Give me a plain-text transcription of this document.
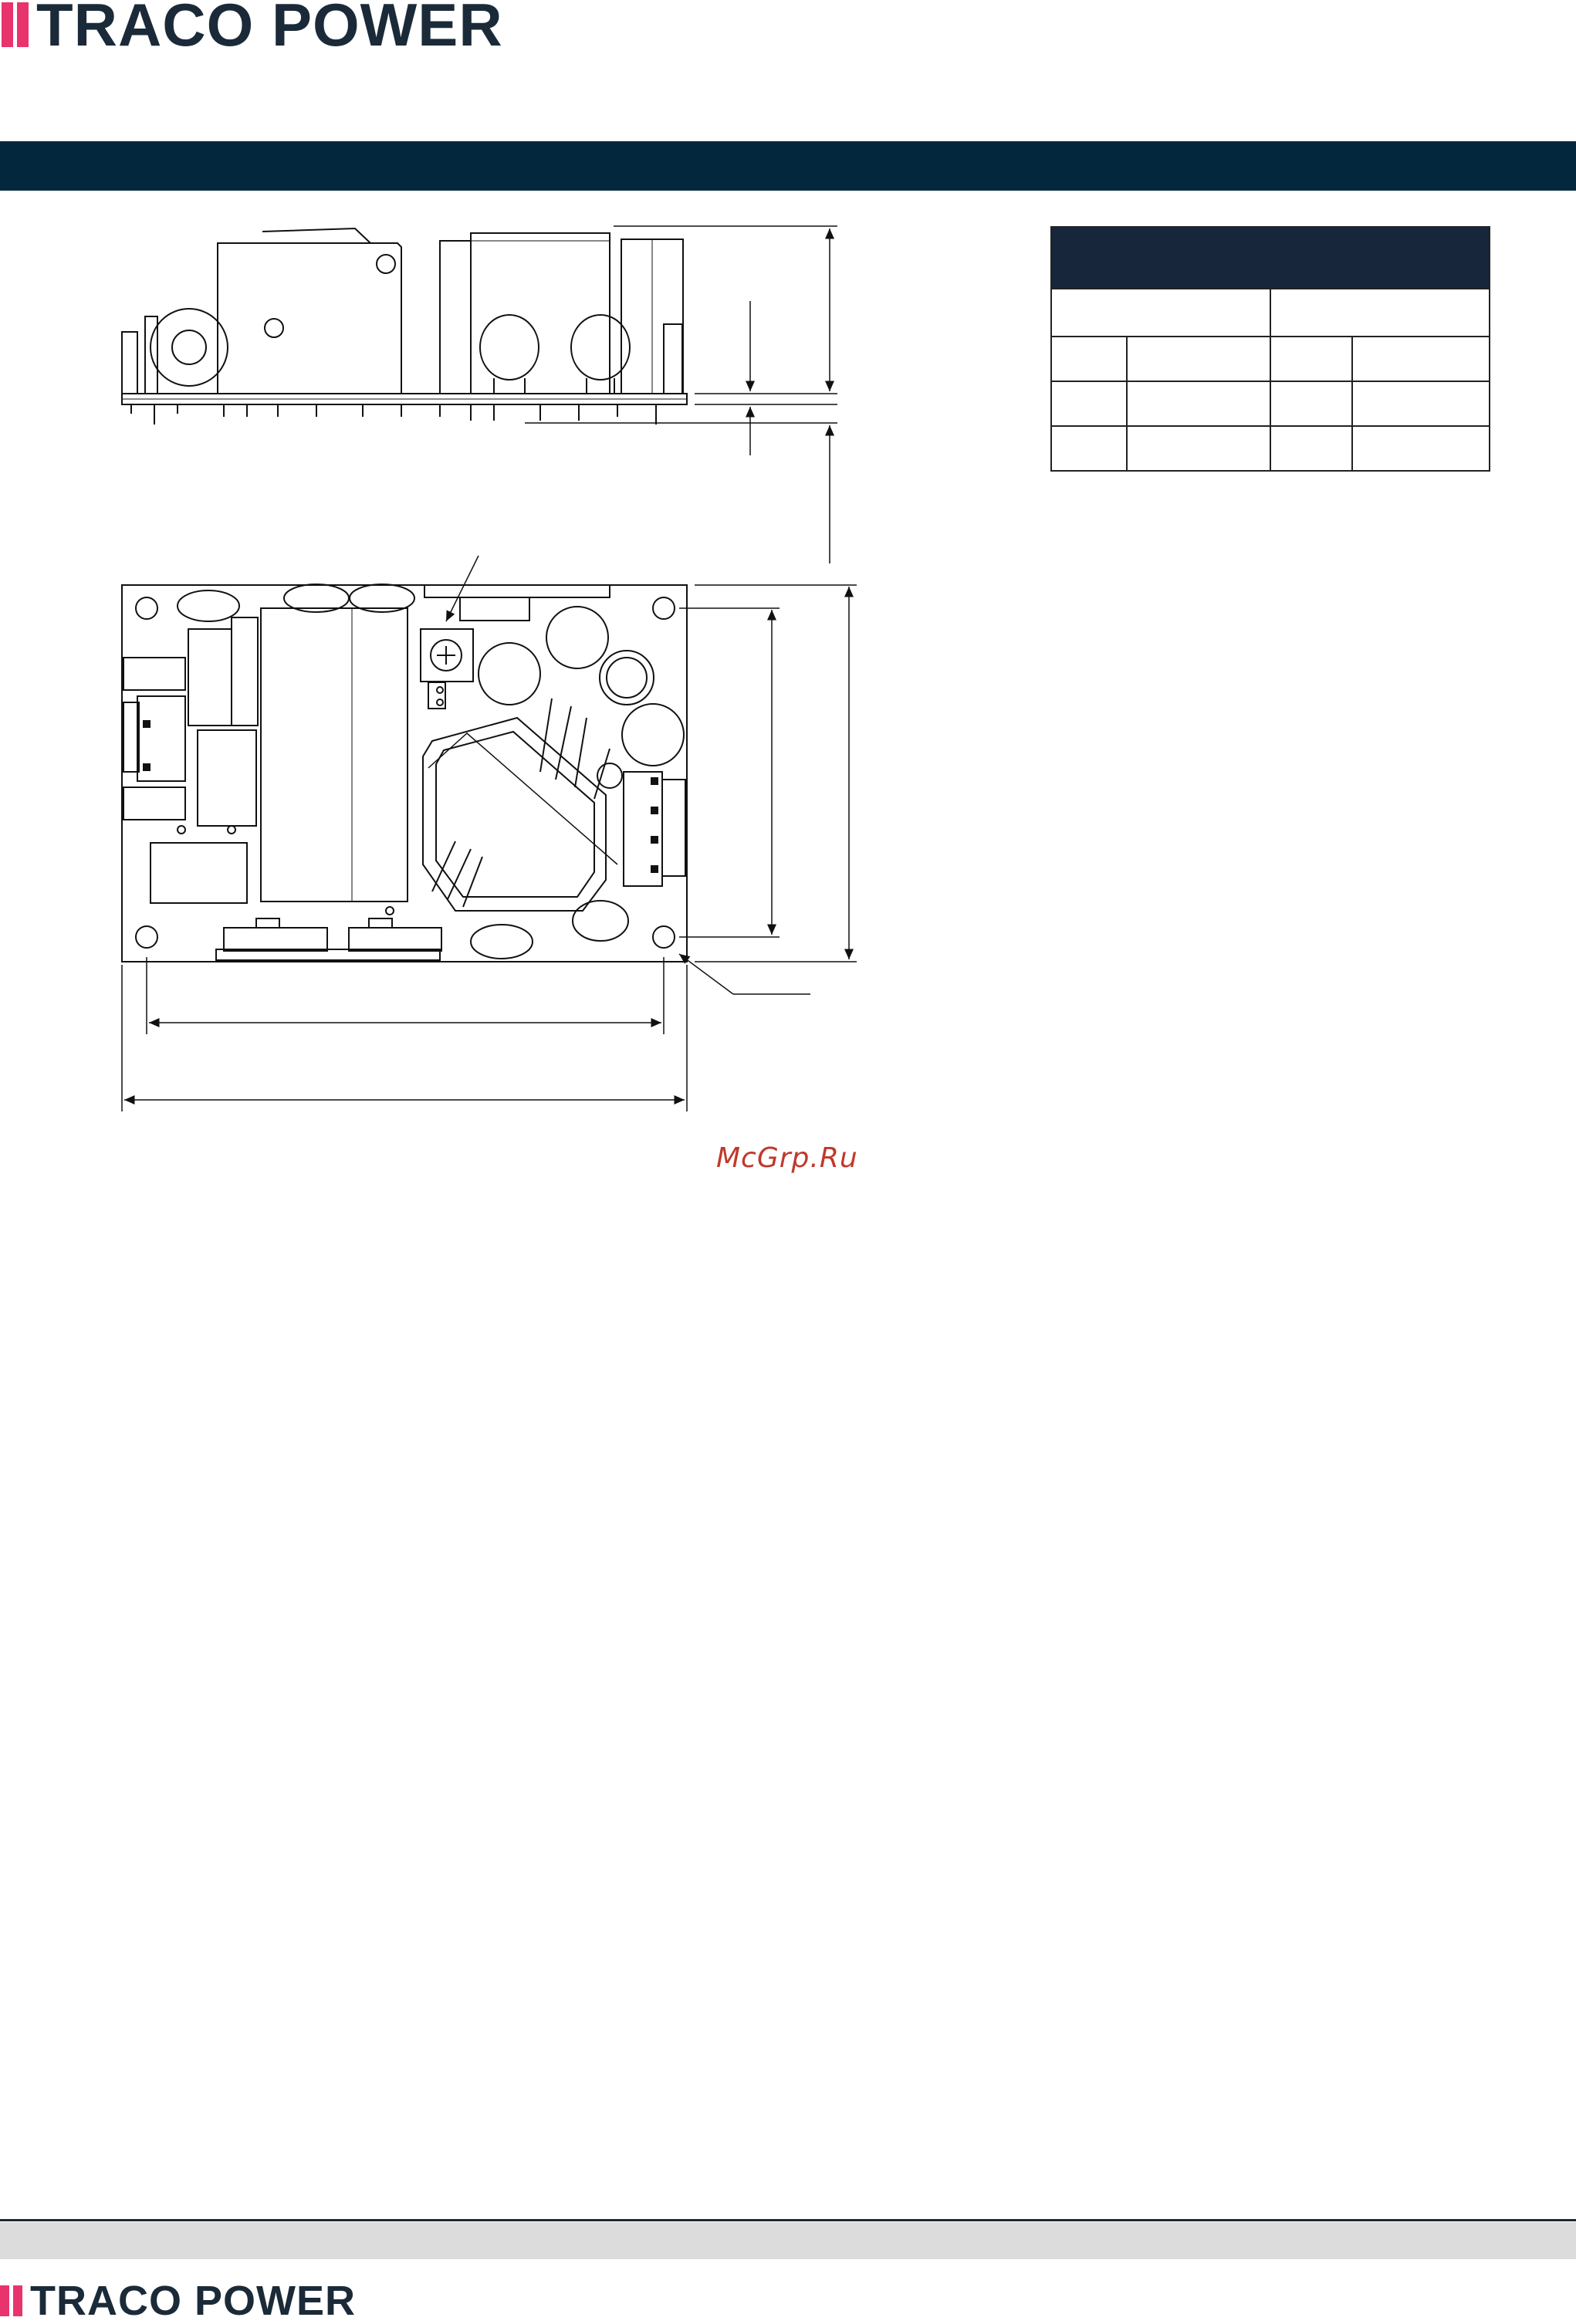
TRACO POWER

McGrp.Ru
TRACO POWER
